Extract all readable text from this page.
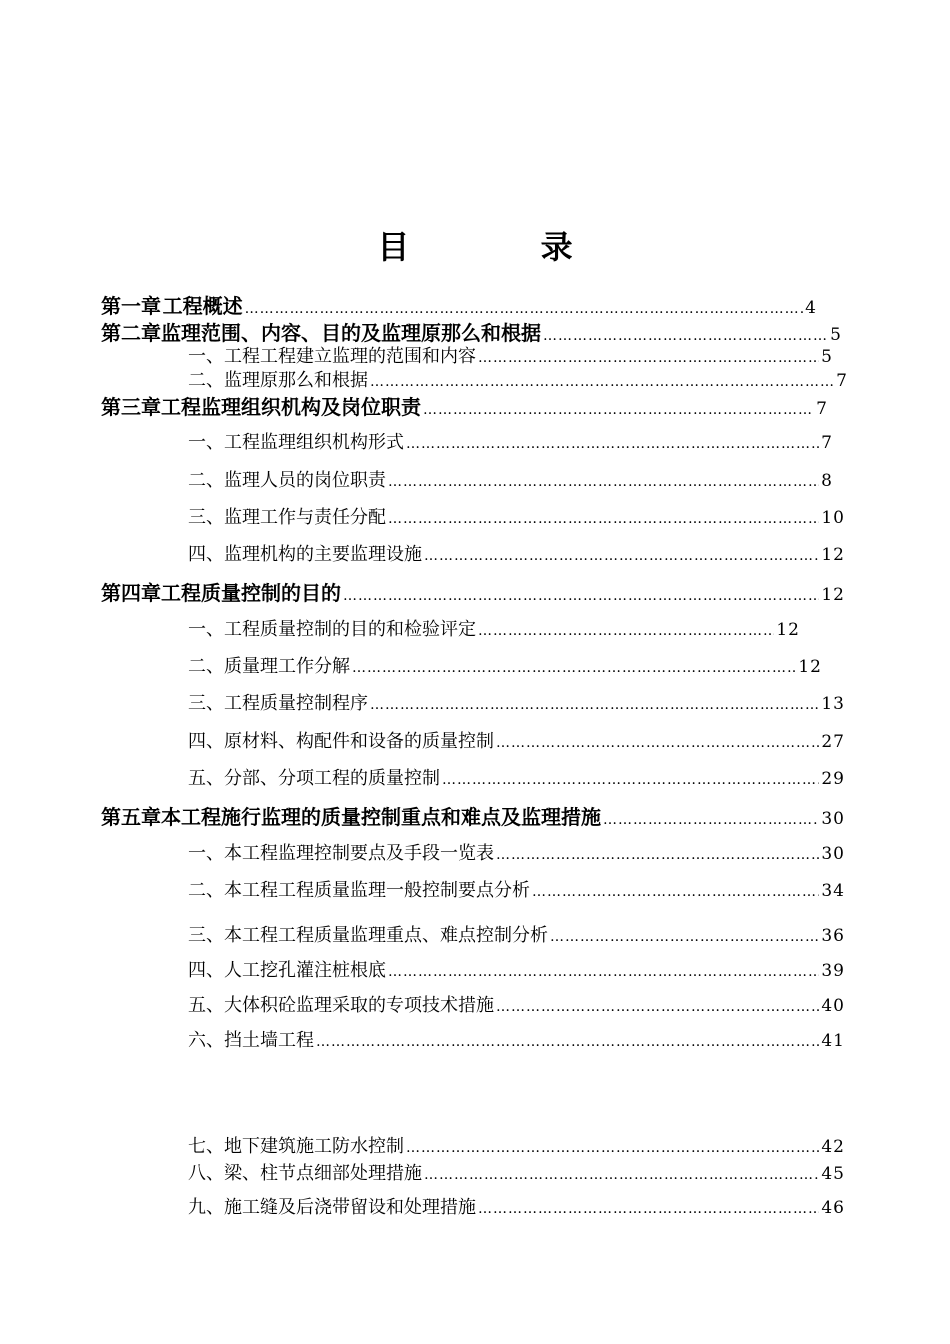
目 录
第一章 工程概述 …………………………………………………………………………………………………………………………………………………………	4
第二章 监理范围、内容、目的及监理原那么和根据 …………………………………………………………………………………………………………………………………………………………	5
一、工程工程建立监理的范围和内容 …………………………………………………………………………………………………………………………………………………………	5
二、监理原那么和根据 …………………………………………………………………………………………………………………………………………………………	7
第三章 工程监理组织机构及岗位职责 …………………………………………………………………………………………………………………………………………………………	7
一、工程监理组织机构形式 …………………………………………………………………………………………………………………………………………………………	7
二、监理人员的岗位职责 …………………………………………………………………………………………………………………………………………………………	8
三、监理工作与责任分配 …………………………………………………………………………………………………………………………………………………………	10
四、监理机构的主要监理设施 …………………………………………………………………………………………………………………………………………………………	12
第四章 工程质量控制的目的 …………………………………………………………………………………………………………………………………………………………	12
一、工程质量控制的目的和检验评定 …………………………………………………………………………………………………………………………………………………………	12
二、质量理工作分解 …………………………………………………………………………………………………………………………………………………………	12
三、工程质量控制程序 …………………………………………………………………………………………………………………………………………………………	13
四、原材料、构配件和设备的质量控制 …………………………………………………………………………………………………………………………………………………………	27
五、分部、分项工程的质量控制 …………………………………………………………………………………………………………………………………………………………	29
第五章 本工程施行监理的质量控制重点和难点及监理措施 …………………………………………………………………………………………………………………………………………………………	30
一、本工程监理控制要点及手段一览表 …………………………………………………………………………………………………………………………………………………………	30
二、本工程工程质量监理一般控制要点分析 …………………………………………………………………………………………………………………………………………………………	34
三、本工程工程质量监理重点、难点控制分析 …………………………………………………………………………………………………………………………………………………………	36
四、人工挖孔灌注桩根底 …………………………………………………………………………………………………………………………………………………………	39
五、大体积砼监理采取的专项技术措施 …………………………………………………………………………………………………………………………………………………………	40
六、挡土墙工程 …………………………………………………………………………………………………………………………………………………………	41
七、地下建筑施工防水控制 …………………………………………………………………………………………………………………………………………………………	42
八、梁、柱节点细部处理措施 …………………………………………………………………………………………………………………………………………………………	45
九、施工缝及后浇带留设和处理措施 …………………………………………………………………………………………………………………………………………………………	46
